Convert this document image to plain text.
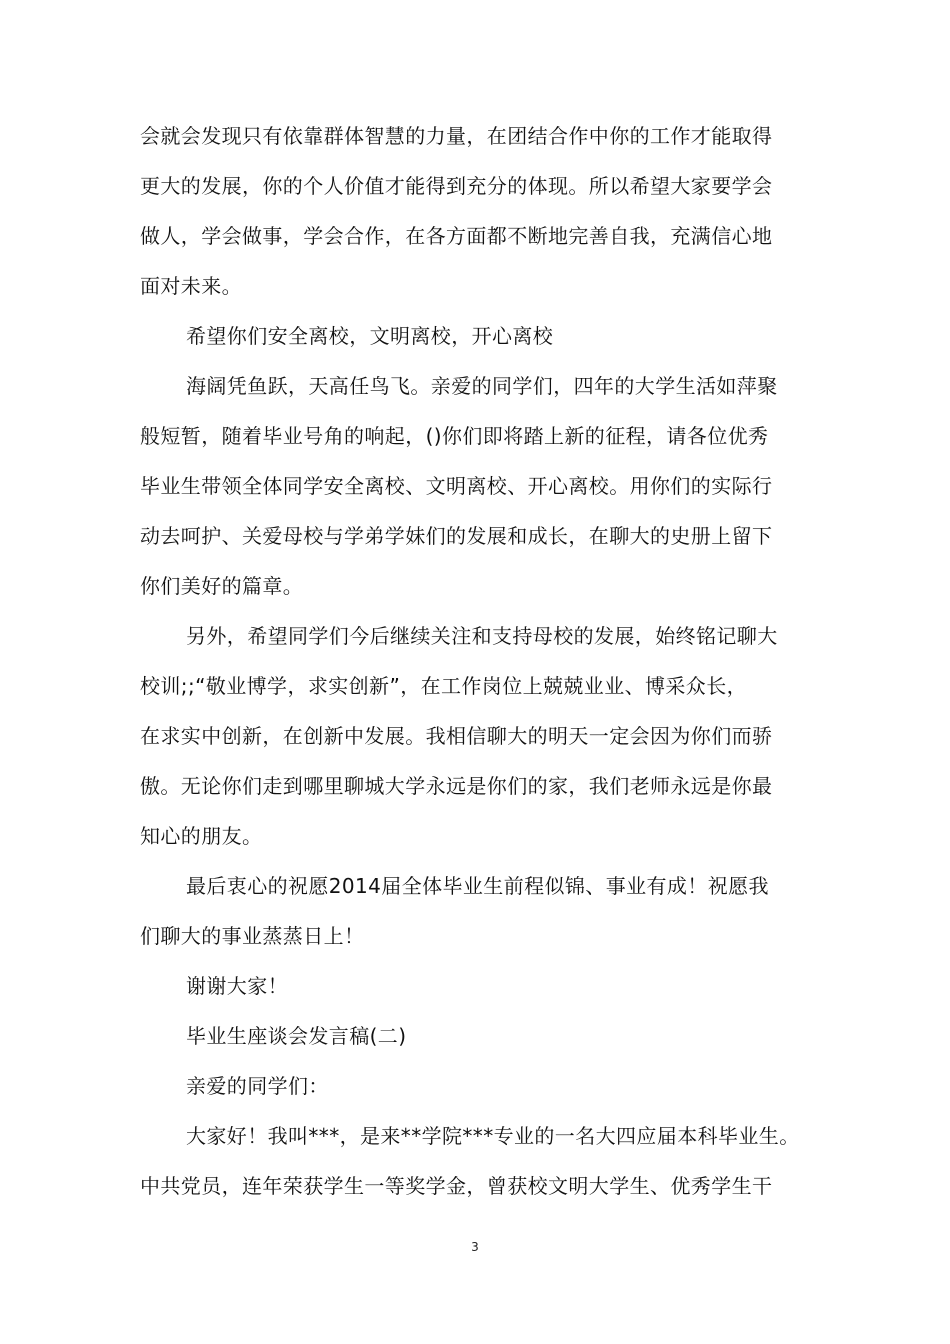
会就会发现只有依靠群体智慧的力量，在团结合作中你的工作才能取得
更大的发展，你的个人价值才能得到充分的体现。所以希望大家要学会
做人，学会做事，学会合作，在各方面都不断地完善自我，充满信心地
面对未来。
希望你们安全离校，文明离校，开心离校
海阔凭鱼跃，天高任鸟飞。亲爱的同学们，四年的大学生活如萍聚
般短暂，随着毕业号角的响起，()你们即将踏上新的征程，请各位优秀
毕业生带领全体同学安全离校、文明离校、开心离校。用你们的实际行
动去呵护、关爱母校与学弟学妹们的发展和成长，在聊大的史册上留下
你们美好的篇章。
另外，希望同学们今后继续关注和支持母校的发展，始终铭记聊大
校训;;“敬业博学，求实创新”，在工作岗位上兢兢业业、博采众长，
在求实中创新，在创新中发展。我相信聊大的明天一定会因为你们而骄
傲。无论你们走到哪里聊城大学永远是你们的家，我们老师永远是你最
知心的朋友。
最后衷心的祝愿2014届全体毕业生前程似锦、事业有成！祝愿我
们聊大的事业蒸蒸日上！
谢谢大家！
毕业生座谈会发言稿(二)
亲爱的同学们：
大家好！我叫***，是来**学院***专业的一名大四应届本科毕业生。
中共党员，连年荣获学生一等奖学金，曾获校文明大学生、优秀学生干
3
